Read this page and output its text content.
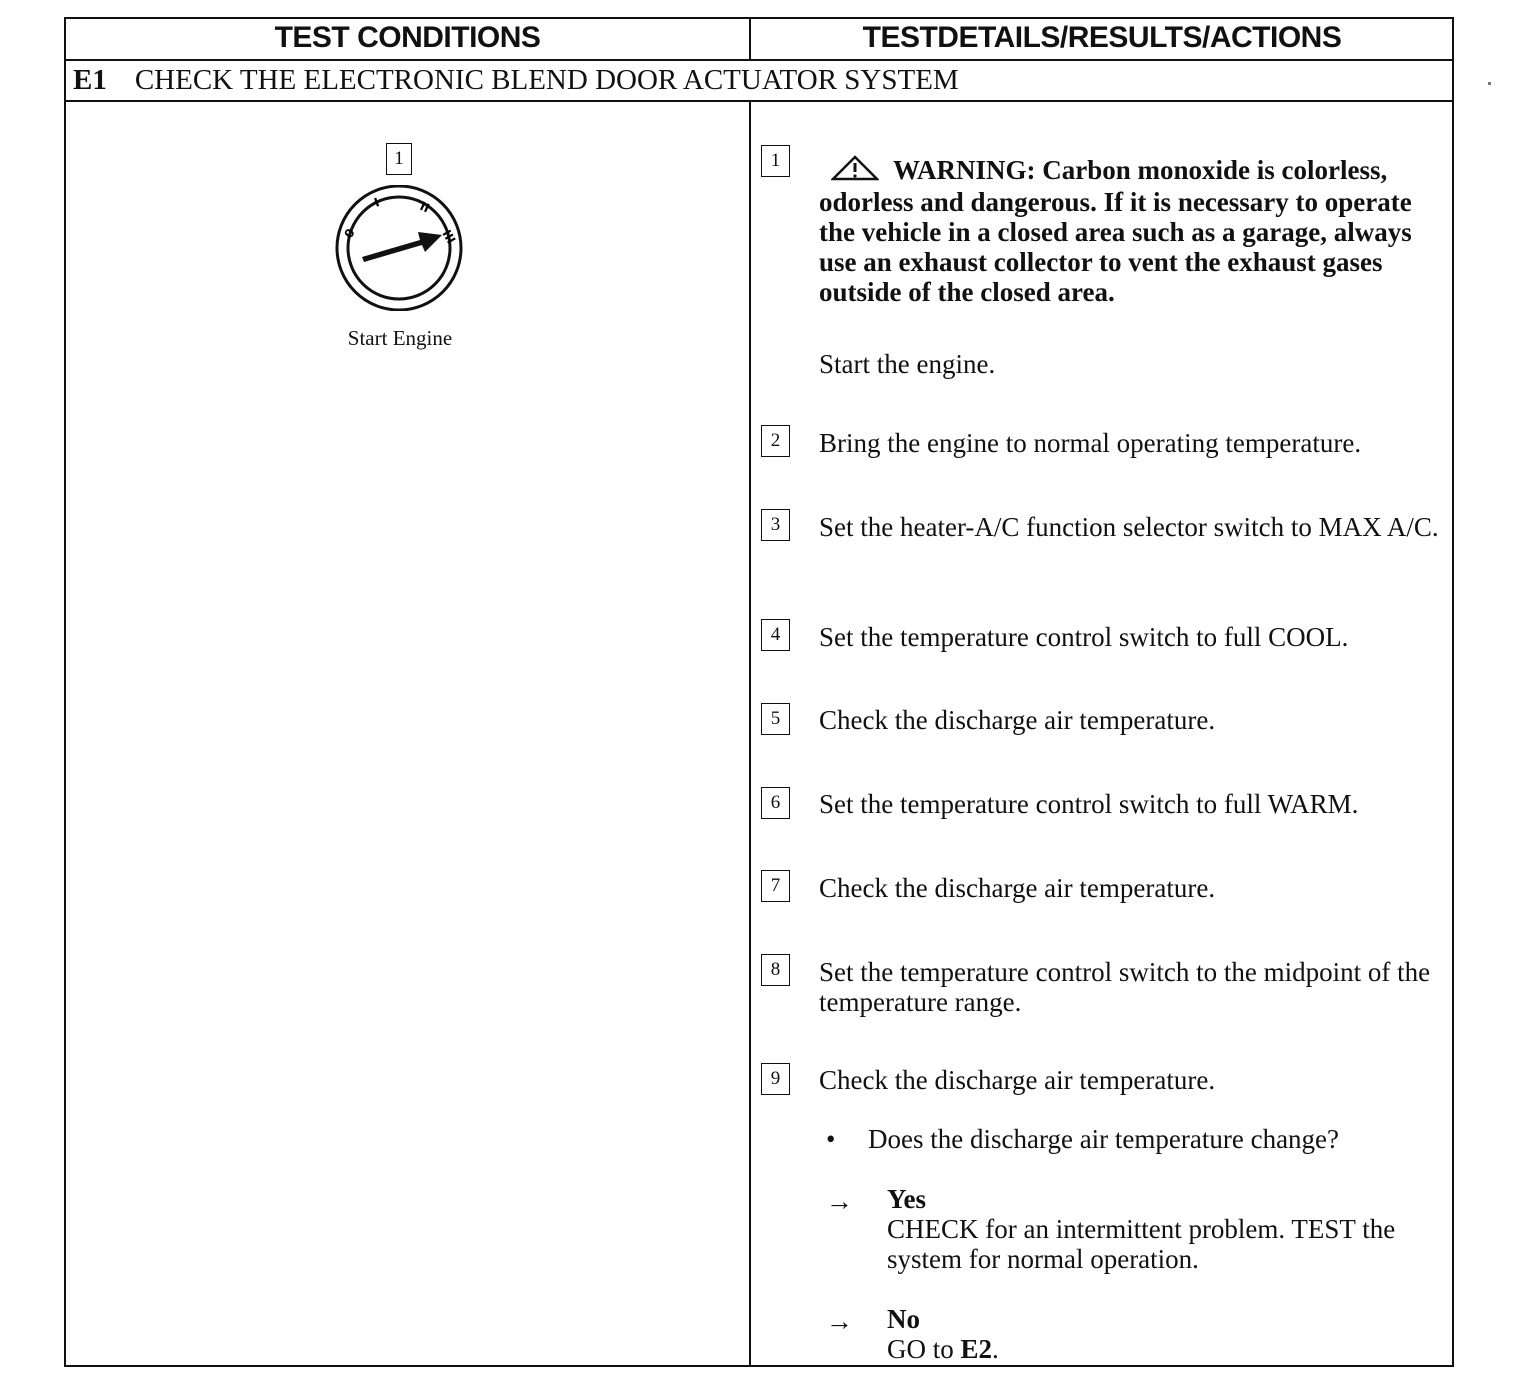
TEST CONDITIONS	TESTDETAILS/RESULTS/ACTIONS
E1 CHECK THE ELECTRONIC BLEND DOOR ACTUATOR SYSTEM
1
0
I	II
III
Start Engine
1	WARNING: Carbon monoxide is colorless, odorless and dangerous. If it is necessary to operate the vehicle in a closed area such as a garage, always use an exhaust collector to vent the exhaust gases outside of the closed area.
Start the engine.
2	Bring the engine to normal operating temperature.
3	Set the heater-A/C function selector switch to MAX A/C.
4	Set the temperature control switch to full COOL.
5	Check the discharge air temperature.
6	Set the temperature control switch to full WARM.
7	Check the discharge air temperature.
8	Set the temperature control switch to the midpoint of the temperature range.
9	Check the discharge air temperature.
• Does the discharge air temperature change?
→ Yes
CHECK for an intermittent problem. TEST the system for normal operation.
→ No
GO to E2.
